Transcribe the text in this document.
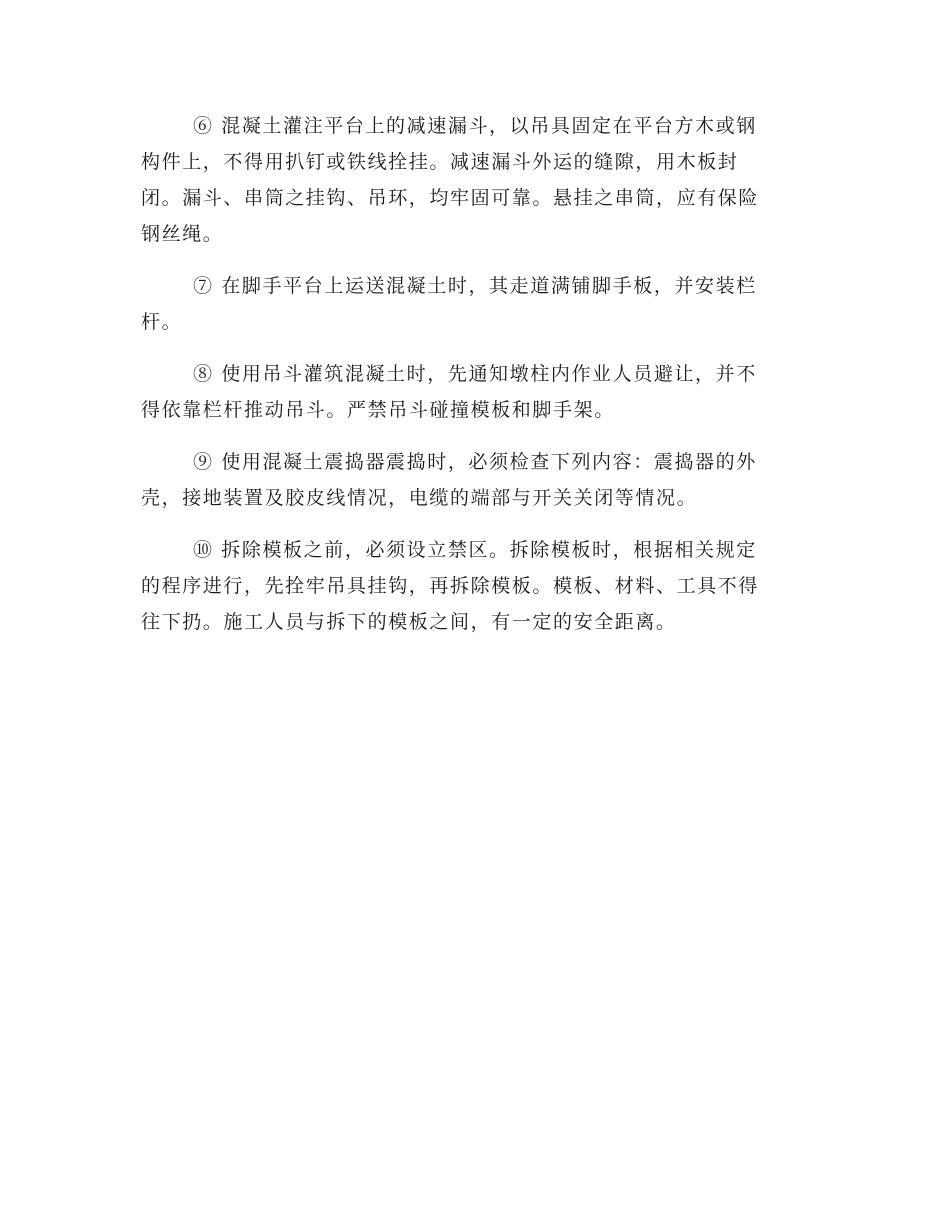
⑥ 混凝土灌注平台上的减速漏斗，以吊具固定在平台方木或钢
构件上，不得用扒钉或铁线拴挂。减速漏斗外运的缝隙，用木板封
闭。漏斗、串筒之挂钩、吊环，均牢固可靠。悬挂之串筒，应有保险
钢丝绳。

⑦ 在脚手平台上运送混凝土时，其走道满铺脚手板，并安装栏
杆。

⑧ 使用吊斗灌筑混凝土时，先通知墩柱内作业人员避让，并不
得依靠栏杆推动吊斗。严禁吊斗碰撞模板和脚手架。

⑨ 使用混凝土震捣器震捣时，必须检查下列内容：震捣器的外
壳，接地装置及胶皮线情况，电缆的端部与开关关闭等情况。

⑩ 拆除模板之前，必须设立禁区。拆除模板时，根据相关规定
的程序进行，先拴牢吊具挂钩，再拆除模板。模板、材料、工具不得
往下扔。施工人员与拆下的模板之间，有一定的安全距离。
